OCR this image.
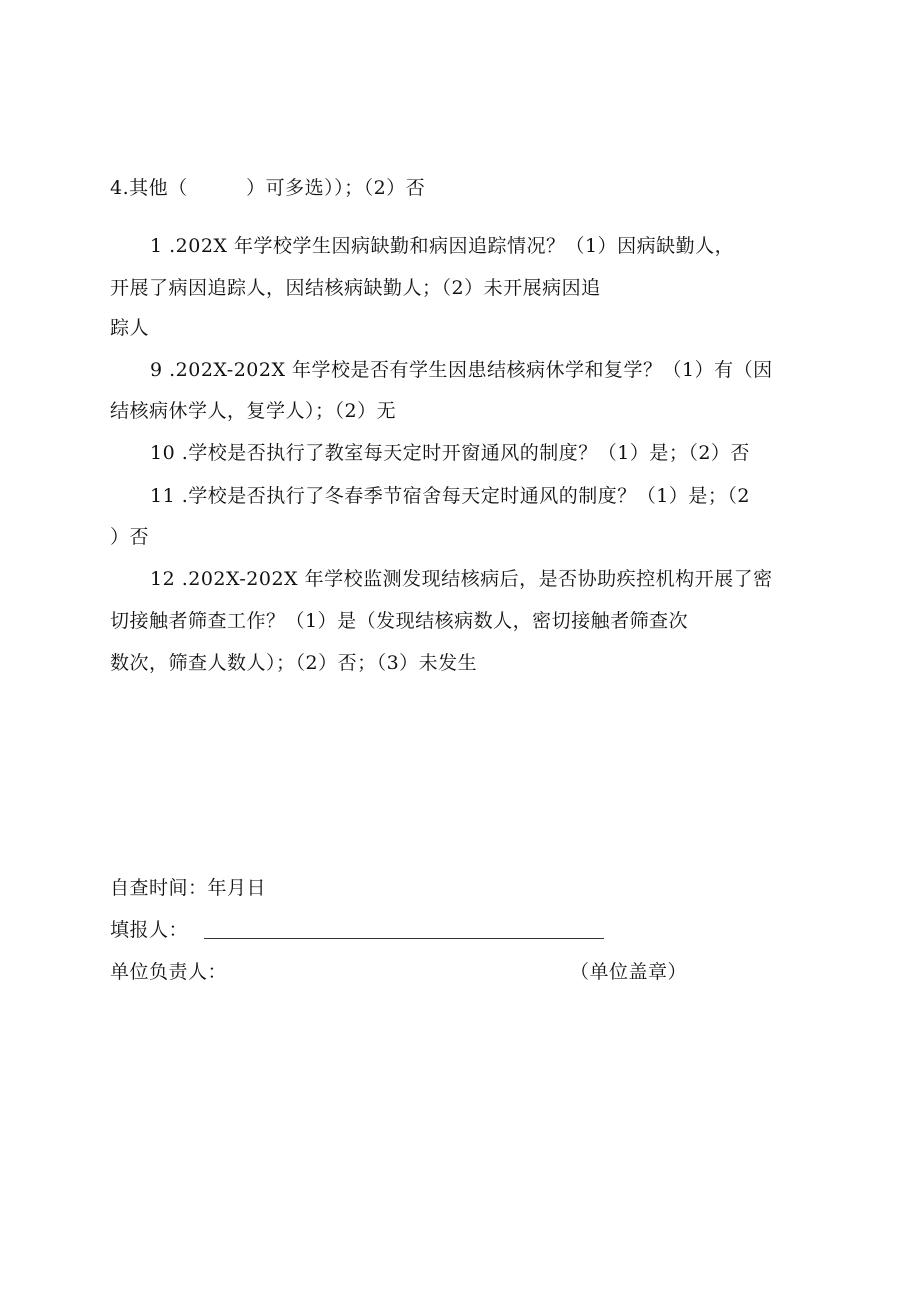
4.其他（　　　）可多选））；（2）否
1 .202X 年学校学生因病缺勤和病因追踪情况？（1）因病缺勤人，
开展了病因追踪人，因结核病缺勤人；（2）未开展病因追
踪人
9 .202X-202X 年学校是否有学生因患结核病休学和复学？（1）有（因
结核病休学人，复学人）；（2）无
10 .学校是否执行了教室每天定时开窗通风的制度？（1）是；（2）否
11 .学校是否执行了冬春季节宿舍每天定时通风的制度？（1）是；（2
）否
12 .202X-202X 年学校监测发现结核病后，是否协助疾控机构开展了密
切接触者筛查工作？（1）是（发现结核病数人，密切接触者筛查次
数次，筛查人数人）；（2）否；（3）未发生
自查时间：年月日
填报人：
单位负责人：	（单位盖章）
